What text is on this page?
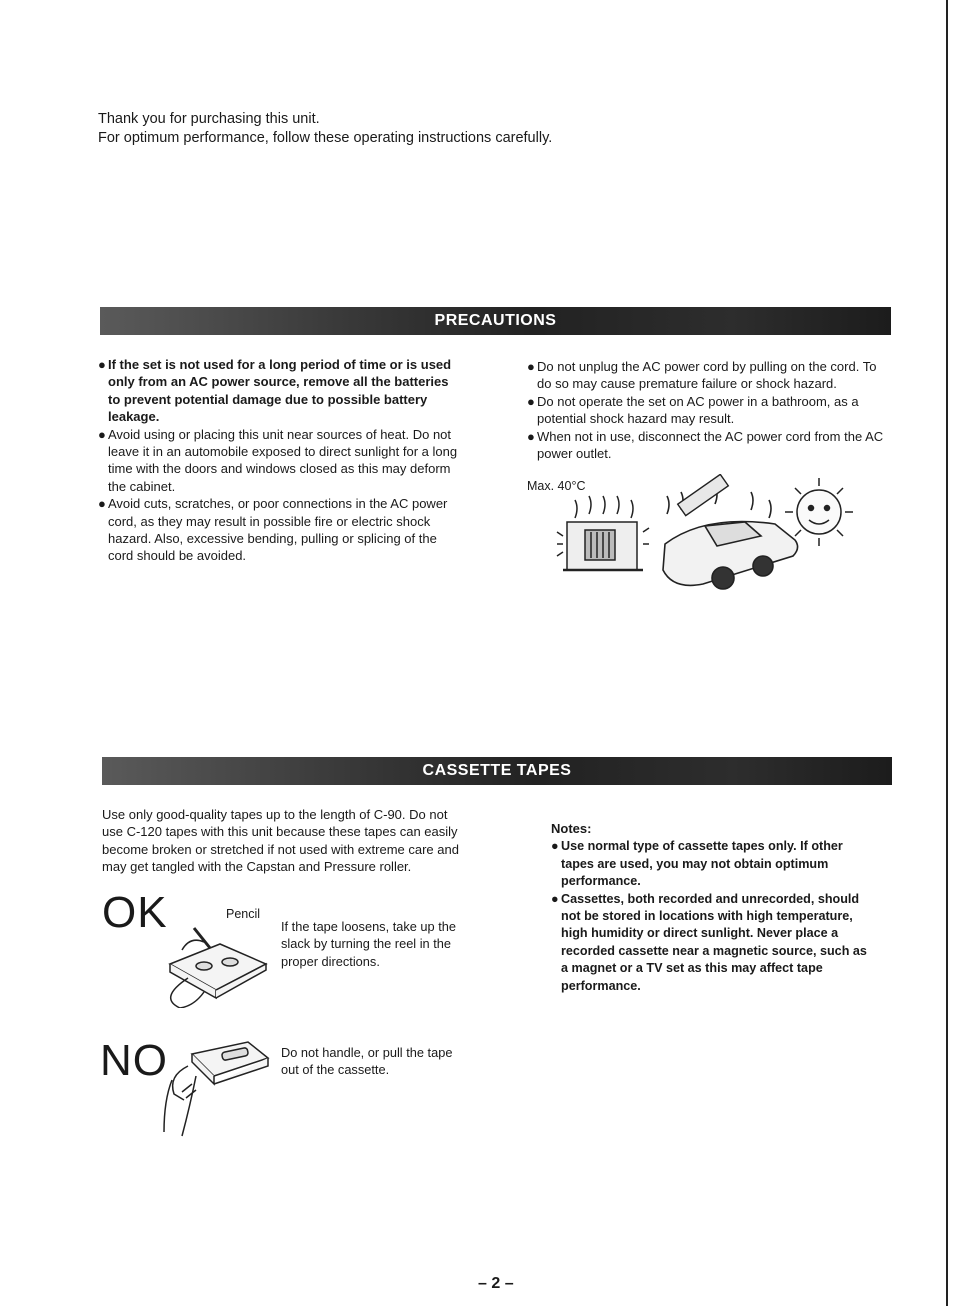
Thank you for purchasing this unit.

For optimum performance, follow these operating instructions carefully.

PRECAUTIONS

● If the set is not used for a long period of time or is used only from an AC power source, remove all the batteries to prevent potential damage due to possible battery leakage.

● Avoid using or placing this unit near sources of heat. Do not leave it in an automobile exposed to direct sunlight for a long time with the doors and windows closed as this may deform the cabinet.

● Avoid cuts, scratches, or poor connections in the AC power cord, as they may result in possible fire or electric shock hazard. Also, excessive bending, pulling or splicing of the cord should be avoided.

● Do not unplug the AC power cord by pulling on the cord. To do so may cause premature failure or shock hazard.

● Do not operate the set on AC power in a bathroom, as a potential shock hazard may result.

● When not in use, disconnect the AC power cord from the AC power outlet.

Max. 40°C
CASSETTE TAPES

Use only good-quality tapes up to the length of C-90. Do not use C-120 tapes with this unit because these tapes can easily become broken or stretched if not used with extreme care and may get tangled with the Capstan and Pressure roller.

OK	Pencil
If the tape loosens, take up the slack by turning the reel in the proper directions.
NO	Do not handle, or pull the tape out of the cassette.

Notes:

● Use normal type of cassette tapes only. If other tapes are used, you may not obtain optimum performance.

● Cassettes, both recorded and unrecorded, should not be stored in locations with high temperature, high humidity or direct sunlight. Never place a recorded cassette near a magnetic source, such as a magnet or a TV set as this may affect tape performance.

– 2 –
